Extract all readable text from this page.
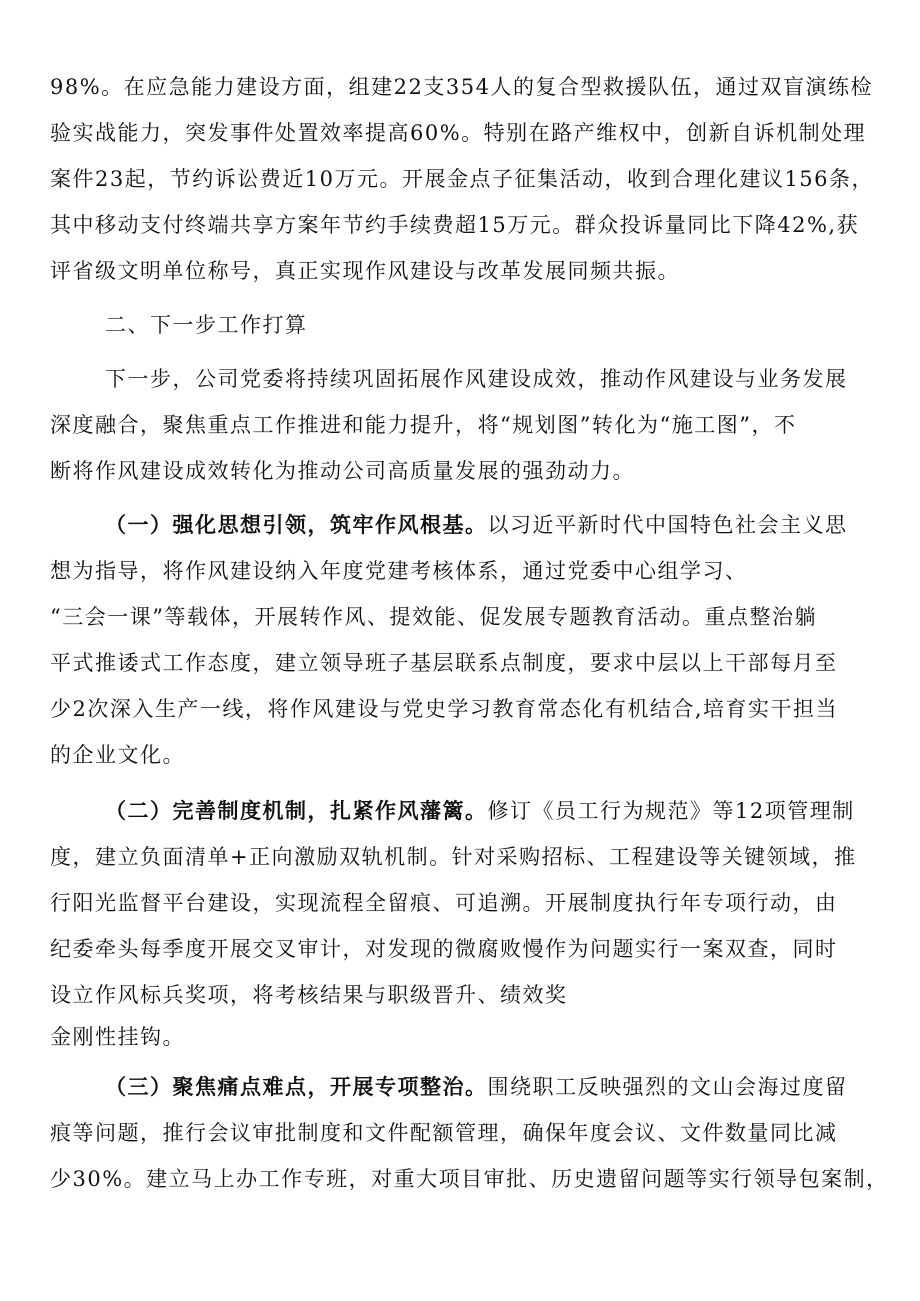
98%。在应急能力建设方面，组建22支354人的复合型救援队伍，通过双盲演练检
验实战能力，突发事件处置效率提高60%。特别在路产维权中，创新自诉机制处理
案件23起，节约诉讼费近10万元。开展金点子征集活动，收到合理化建议156条，
其中移动支付终端共享方案年节约手续费超15万元。群众投诉量同比下降42%,获
评省级文明单位称号，真正实现作风建设与改革发展同频共振。
二、下一步工作打算
下一步，公司党委将持续巩固拓展作风建设成效，推动作风建设与业务发展
深度融合，聚焦重点工作推进和能力提升，将“规划图”转化为“施工图”，不
断将作风建设成效转化为推动公司高质量发展的强劲动力。
（一）强化思想引领，筑牢作风根基。以习近平新时代中国特色社会主义思
想为指导，将作风建设纳入年度党建考核体系，通过党委中心组学习、
“三会一课”等载体，开展转作风、提效能、促发展专题教育活动。重点整治躺
平式推诿式工作态度，建立领导班子基层联系点制度，要求中层以上干部每月至
少2次深入生产一线，将作风建设与党史学习教育常态化有机结合,培育实干担当
的企业文化。
（二）完善制度机制，扎紧作风藩篱。修订《员工行为规范》等12项管理制
度，建立负面清单+正向激励双轨机制。针对采购招标、工程建设等关键领域，推
行阳光监督平台建设，实现流程全留痕、可追溯。开展制度执行年专项行动，由
纪委牵头每季度开展交叉审计，对发现的微腐败慢作为问题实行一案双查，同时
设立作风标兵奖项，将考核结果与职级晋升、绩效奖
金刚性挂钩。
（三）聚焦痛点难点，开展专项整治。围绕职工反映强烈的文山会海过度留
痕等问题，推行会议审批制度和文件配额管理，确保年度会议、文件数量同比减
少30%。建立马上办工作专班，对重大项目审批、历史遗留问题等实行领导包案制，
